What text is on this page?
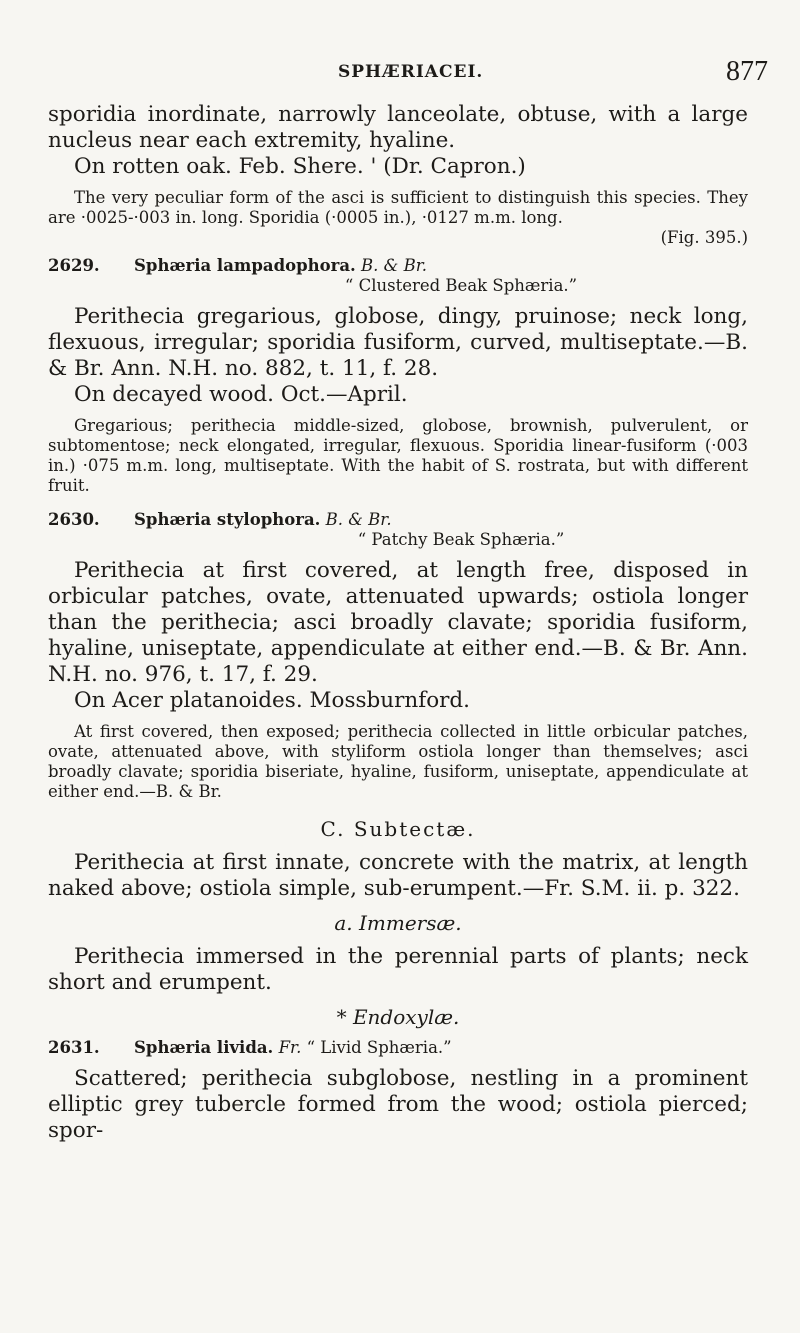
SPHÆRIACEI.	877

sporidia inordinate, narrowly lanceolate, obtuse, with a large nucleus near each extremity, hyaline.

On rotten oak. Feb. Shere. ' (Dr. Capron.)

The very peculiar form of the asci is sufficient to distinguish this species. They are ·0025-·003 in. long. Sporidia (·0005 in.), ·0127 m.m. long.

(Fig. 395.)
2629.	Sphæria lampadophora. B. & Br.
“ Clustered Beak Sphæria.”

Perithecia gregarious, globose, dingy, pruinose; neck long, flexuous, irregular; sporidia fusiform, curved, multiseptate.—B. & Br. Ann. N.H. no. 882, t. 11, f. 28.

On decayed wood. Oct.—April.

Gregarious; perithecia middle-sized, globose, brownish, pulverulent, or subtomentose; neck elongated, irregular, flexuous. Sporidia linear-fusiform (·003 in.) ·075 m.m. long, multiseptate. With the habit of S. rostrata, but with different fruit.

2630.	Sphæria stylophora. B. & Br.
“ Patchy Beak Sphæria.”

Perithecia at first covered, at length free, disposed in orbicular patches, ovate, attenuated upwards; ostiola longer than the perithecia; asci broadly clavate; sporidia fusiform, hyaline, uniseptate, appendiculate at either end.—B. & Br. Ann. N.H. no. 976, t. 17, f. 29.

On Acer platanoides. Mossburnford.

At first covered, then exposed; perithecia collected in little orbicular patches, ovate, attenuated above, with styliform ostiola longer than themselves; asci broadly clavate; sporidia biseriate, hyaline, fusiform, uniseptate, appendiculate at either end.—B. & Br.

C. Subtectæ.

Perithecia at first innate, concrete with the matrix, at length naked above; ostiola simple, sub-erumpent.—Fr. S.M. ii. p. 322.

a. Immersæ.

Perithecia immersed in the perennial parts of plants; neck short and erumpent.

* Endoxylæ.

2631.	Sphæria livida. Fr. “ Livid Sphæria.”

Scattered; perithecia subglobose, nestling in a prominent elliptic grey tubercle formed from the wood; ostiola pierced; spor-
